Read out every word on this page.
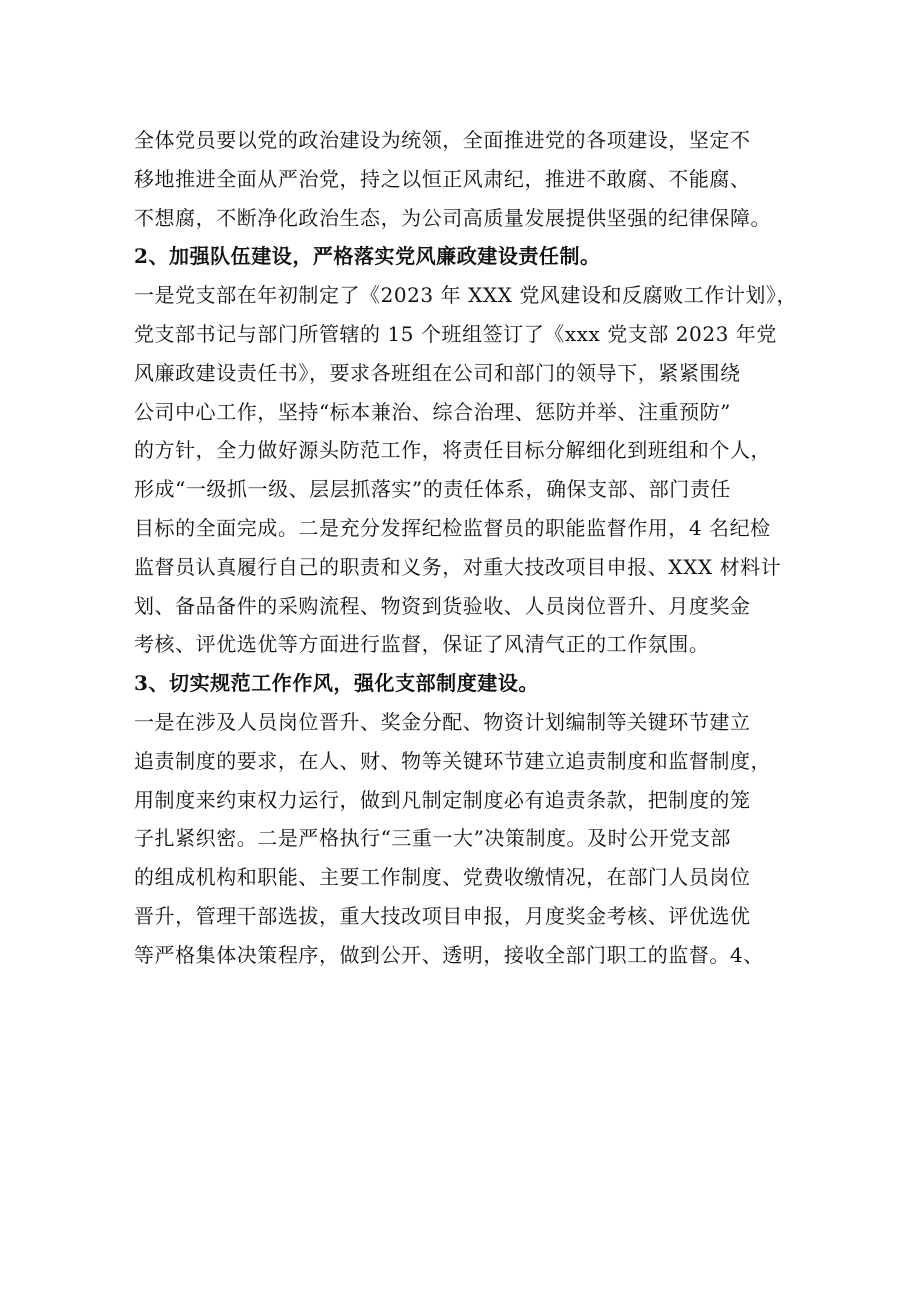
全体党员要以党的政治建设为统领，全面推进党的各项建设，坚定不
移地推进全面从严治党，持之以恒正风肃纪，推进不敢腐、不能腐、
不想腐，不断净化政治生态，为公司高质量发展提供坚强的纪律保障。
2、加强队伍建设，严格落实党风廉政建设责任制。
一是党支部在年初制定了《2023 年 XXX 党风建设和反腐败工作计划》，
党支部书记与部门所管辖的 15 个班组签订了《xxx 党支部 2023 年党
风廉政建设责任书》，要求各班组在公司和部门的领导下，紧紧围绕
公司中心工作，坚持“标本兼治、综合治理、惩防并举、注重预防”
的方针，全力做好源头防范工作，将责任目标分解细化到班组和个人，
形成“一级抓一级、层层抓落实”的责任体系，确保支部、部门责任
目标的全面完成。二是充分发挥纪检监督员的职能监督作用，4 名纪检
监督员认真履行自己的职责和义务，对重大技改项目申报、XXX 材料计
划、备品备件的采购流程、物资到货验收、人员岗位晋升、月度奖金
考核、评优选优等方面进行监督，保证了风清气正的工作氛围。
3、切实规范工作作风，强化支部制度建设。
一是在涉及人员岗位晋升、奖金分配、物资计划编制等关键环节建立
追责制度的要求，在人、财、物等关键环节建立追责制度和监督制度，
用制度来约束权力运行，做到凡制定制度必有追责条款，把制度的笼
子扎紧织密。二是严格执行“三重一大”决策制度。及时公开党支部
的组成机构和职能、主要工作制度、党费收缴情况，在部门人员岗位
晋升，管理干部选拔，重大技改项目申报，月度奖金考核、评优选优
等严格集体决策程序，做到公开、透明，接收全部门职工的监督。4、
